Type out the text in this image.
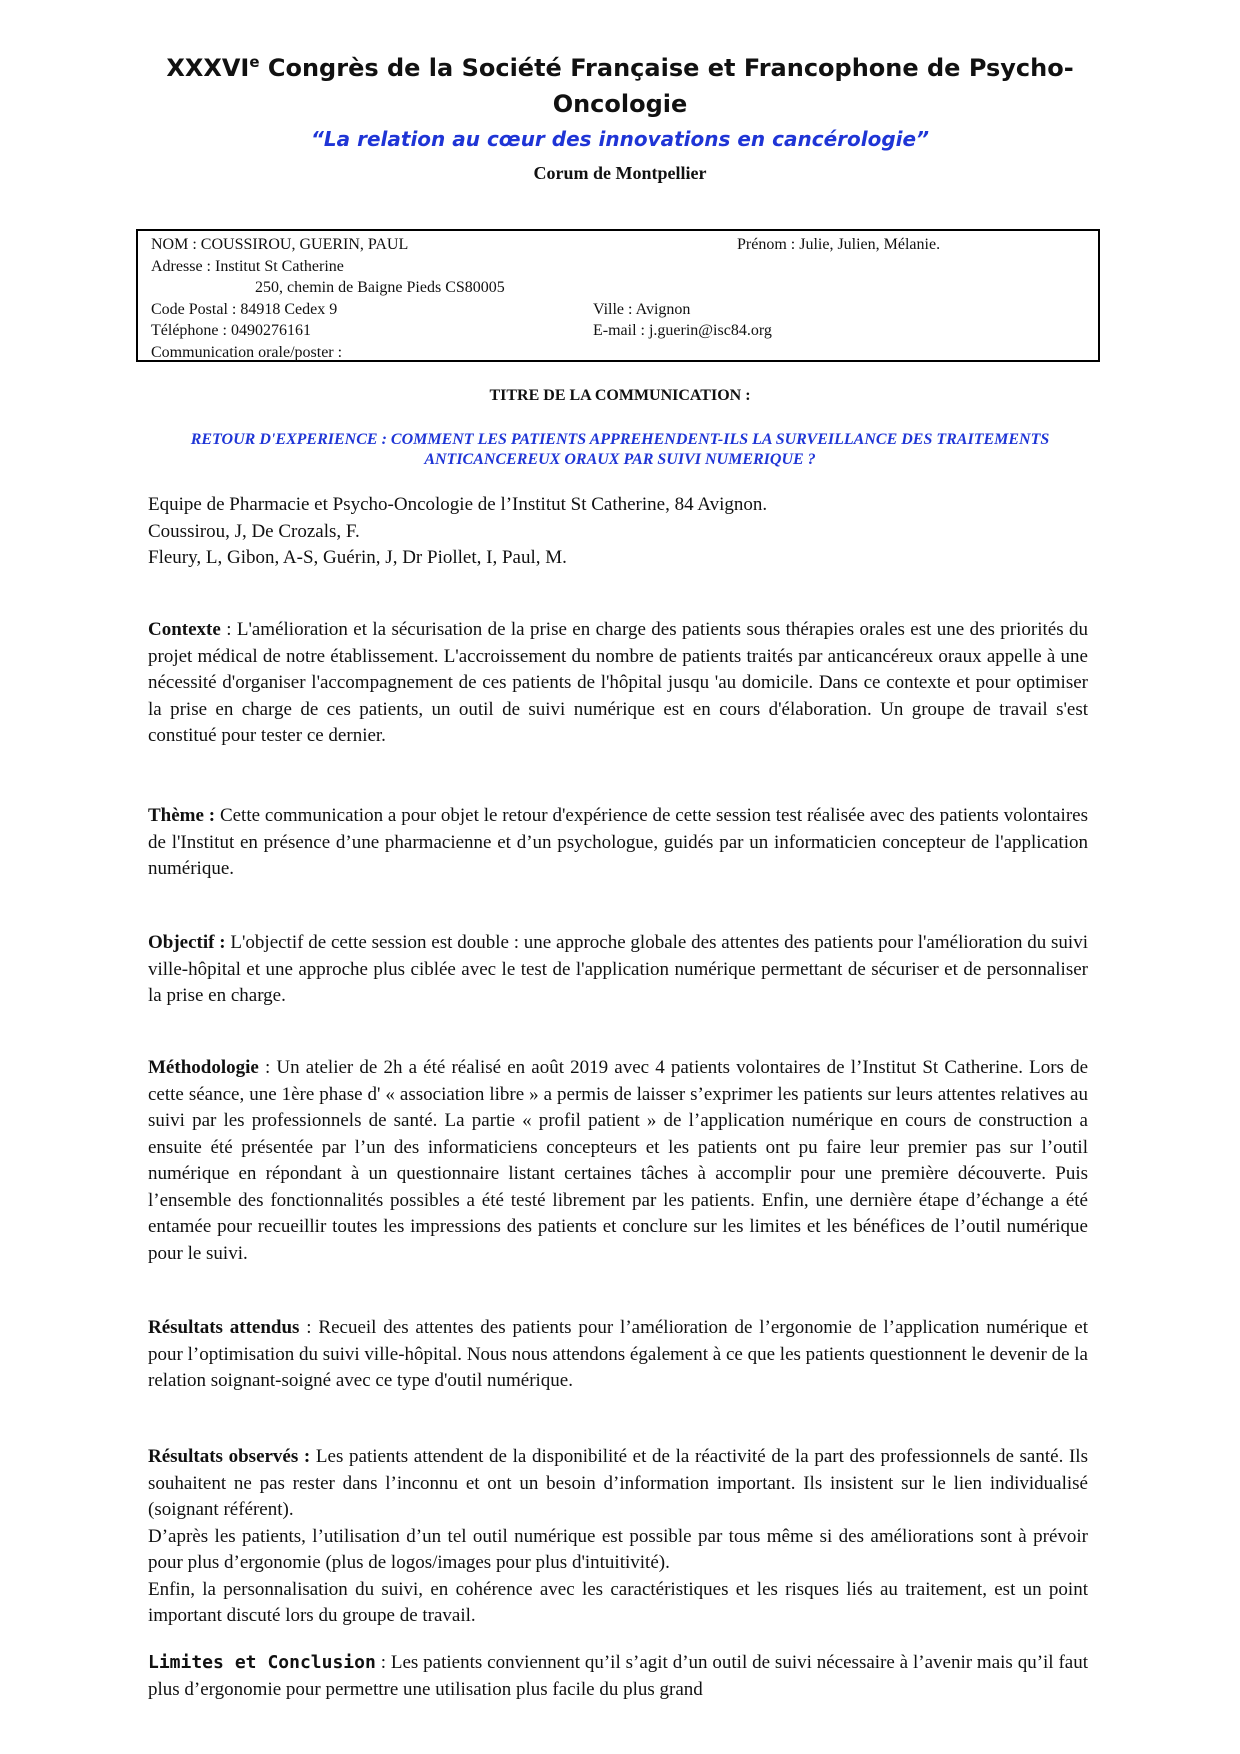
XXXVIe Congrès de la Société Française et Francophone de Psycho-Oncologie
“La relation au cœur des innovations en cancérologie”
Corum de Montpellier
NOM : COUSSIROU, GUERIN, PAUL	Prénom : Julie, Julien, Mélanie.
Adresse : Institut St Catherine
250, chemin de Baigne Pieds CS80005
Code Postal : 84918 Cedex 9	Ville : Avignon
Téléphone : 0490276161	E-mail : j.guerin@isc84.org
Communication orale/poster :
TITRE DE LA COMMUNICATION :
RETOUR D'EXPERIENCE : COMMENT LES PATIENTS APPREHENDENT-ILS LA SURVEILLANCE DES TRAITEMENTS ANTICANCEREUX ORAUX PAR SUIVI NUMERIQUE ?
Equipe de Pharmacie et Psycho-Oncologie de l’Institut St Catherine, 84 Avignon.
Coussirou, J, De Crozals, F.
Fleury, L, Gibon, A-S, Guérin, J, Dr Piollet, I, Paul, M.
Contexte : L'amélioration et la sécurisation de la prise en charge des patients sous thérapies orales est une des priorités du projet médical de notre établissement. L'accroissement du nombre de patients traités par anticancéreux oraux appelle à une nécessité d'organiser l'accompagnement de ces patients de l'hôpital jusqu 'au domicile. Dans ce contexte et pour optimiser la prise en charge de ces patients, un outil de suivi numérique est en cours d'élaboration. Un groupe de travail s'est constitué pour tester ce dernier.
Thème : Cette communication a pour objet le retour d'expérience de cette session test réalisée avec des patients volontaires de l'Institut en présence d’une pharmacienne et d’un psychologue, guidés par un informaticien concepteur de l'application numérique.
Objectif : L'objectif de cette session est double : une approche globale des attentes des patients pour l'amélioration du suivi ville-hôpital et une approche plus ciblée avec le test de l'application numérique permettant de sécuriser et de personnaliser la prise en charge.
Méthodologie : Un atelier de 2h a été réalisé en août 2019 avec 4 patients volontaires de l’Institut St Catherine. Lors de cette séance, une 1ère phase d' « association libre » a permis de laisser s’exprimer les patients sur leurs attentes relatives au suivi par les professionnels de santé. La partie « profil patient » de l’application numérique en cours de construction a ensuite été présentée par l’un des informaticiens concepteurs et les patients ont pu faire leur premier pas sur l’outil numérique en répondant à un questionnaire listant certaines tâches à accomplir pour une première découverte. Puis l’ensemble des fonctionnalités possibles a été testé librement par les patients. Enfin, une dernière étape d’échange a été entamée pour recueillir toutes les impressions des patients et conclure sur les limites et les bénéfices de l’outil numérique pour le suivi.
Résultats attendus : Recueil des attentes des patients pour l’amélioration de l’ergonomie de l’application numérique et pour l’optimisation du suivi ville-hôpital. Nous nous attendons également à ce que les patients questionnent le devenir de la relation soignant-soigné avec ce type d'outil numérique.

Résultats observés : Les patients attendent de la disponibilité et de la réactivité de la part des professionnels de santé. Ils souhaitent ne pas rester dans l’inconnu et ont un besoin d’information important. Ils insistent sur le lien individualisé (soignant référent).

D’après les patients, l’utilisation d’un tel outil numérique est possible par tous même si des améliorations sont à prévoir pour plus d’ergonomie (plus de logos/images pour plus d'intuitivité).

Enfin, la personnalisation du suivi, en cohérence avec les caractéristiques et les risques liés au traitement, est un point important discuté lors du groupe de travail.

Limites et Conclusion : Les patients conviennent qu’il s’agit d’un outil de suivi nécessaire à l’avenir mais qu’il faut plus d’ergonomie pour permettre une utilisation plus facile du plus grand
